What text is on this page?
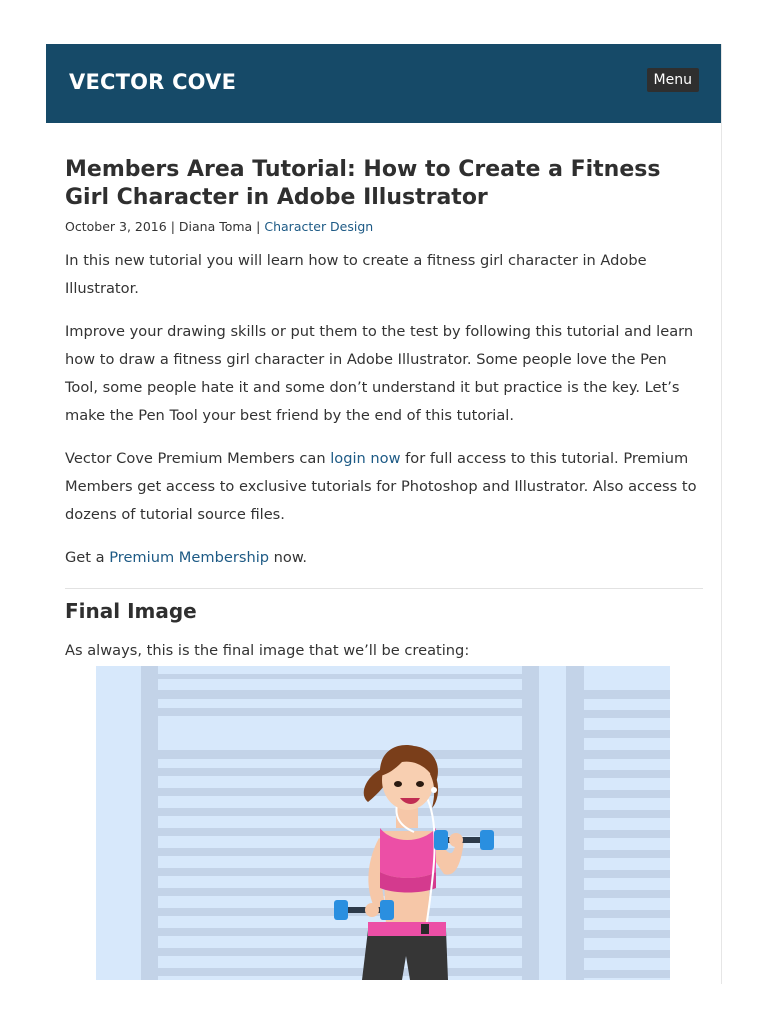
VECTOR COVE	Menu
Members Area Tutorial: How to Create a Fitness Girl Character in Adobe Illustrator
October 3, 2016 | Diana Toma | Character Design

In this new tutorial you will learn how to create a fitness girl character in Adobe Illustrator.

Improve your drawing skills or put them to the test by following this tutorial and learn how to draw a fitness girl character in Adobe Illustrator. Some people love the Pen Tool, some people hate it and some don’t understand it but practice is the key. Let’s make the Pen Tool your best friend by the end of this tutorial.

Vector Cove Premium Members can login now for full access to this tutorial. Premium Members get access to exclusive tutorials for Photoshop and Illustrator. Also access to dozens of tutorial source files.

Get a Premium Membership now.

Final Image

As always, this is the final image that we’ll be creating:
